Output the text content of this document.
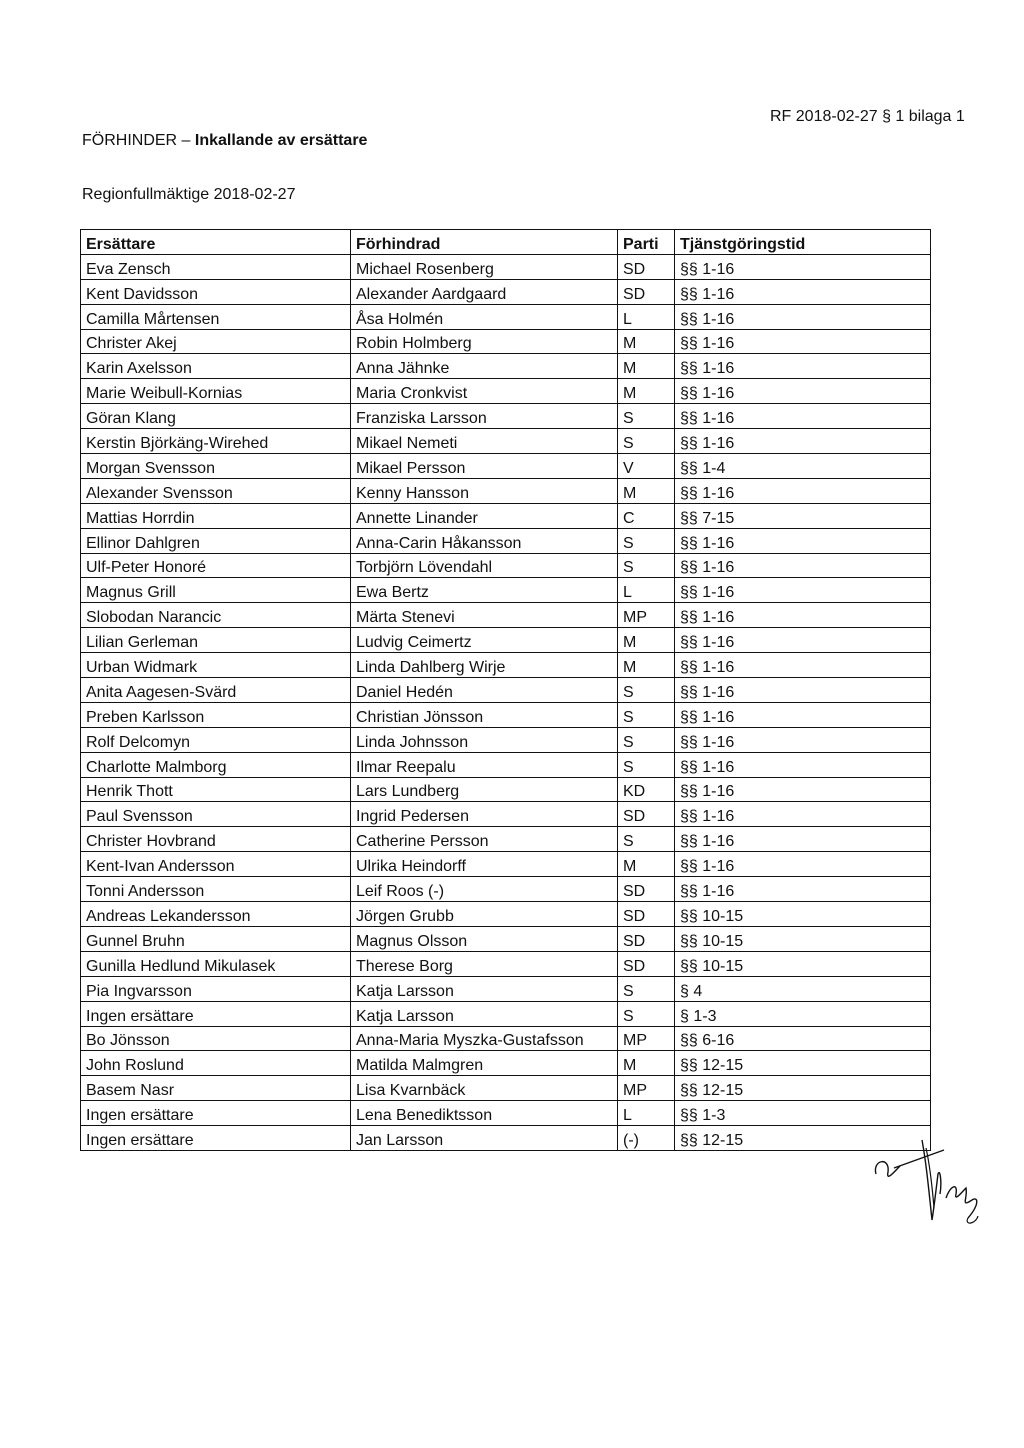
RF 2018-02-27 § 1 bilaga 1
FÖRHINDER – Inkallande av ersättare
Regionfullmäktige 2018-02-27
Ersättare	Förhindrad	Parti	Tjänstgöringstid
Eva Zensch	Michael Rosenberg	SD	§§ 1-16
Kent Davidsson	Alexander Aardgaard	SD	§§ 1-16
Camilla Mårtensen	Åsa Holmén	L	§§ 1-16
Christer Akej	Robin Holmberg	M	§§ 1-16
Karin Axelsson	Anna Jähnke	M	§§ 1-16
Marie Weibull-Kornias	Maria Cronkvist	M	§§ 1-16
Göran Klang	Franziska Larsson	S	§§ 1-16
Kerstin Björkäng-Wirehed	Mikael Nemeti	S	§§ 1-16
Morgan Svensson	Mikael Persson	V	§§ 1-4
Alexander Svensson	Kenny Hansson	M	§§ 1-16
Mattias Horrdin	Annette Linander	C	§§ 7-15
Ellinor Dahlgren	Anna-Carin Håkansson	S	§§ 1-16
Ulf-Peter Honoré	Torbjörn Lövendahl	S	§§ 1-16
Magnus Grill	Ewa Bertz	L	§§ 1-16
Slobodan Narancic	Märta Stenevi	MP	§§ 1-16
Lilian Gerleman	Ludvig Ceimertz	M	§§ 1-16
Urban Widmark	Linda Dahlberg Wirje	M	§§ 1-16
Anita Aagesen-Svärd	Daniel Hedén	S	§§ 1-16
Preben Karlsson	Christian Jönsson	S	§§ 1-16
Rolf Delcomyn	Linda Johnsson	S	§§ 1-16
Charlotte Malmborg	Ilmar Reepalu	S	§§ 1-16
Henrik Thott	Lars Lundberg	KD	§§ 1-16
Paul Svensson	Ingrid Pedersen	SD	§§ 1-16
Christer Hovbrand	Catherine Persson	S	§§ 1-16
Kent-Ivan Andersson	Ulrika Heindorff	M	§§ 1-16
Tonni Andersson	Leif Roos (-)	SD	§§ 1-16
Andreas Lekandersson	Jörgen Grubb	SD	§§ 10-15
Gunnel Bruhn	Magnus Olsson	SD	§§ 10-15
Gunilla Hedlund Mikulasek	Therese Borg	SD	§§ 10-15
Pia Ingvarsson	Katja Larsson	S	§ 4
Ingen ersättare	Katja Larsson	S	§ 1-3
Bo Jönsson	Anna-Maria Myszka-Gustafsson	MP	§§ 6-16
John Roslund	Matilda Malmgren	M	§§ 12-15
Basem Nasr	Lisa Kvarnbäck	MP	§§ 12-15
Ingen ersättare	Lena Benediktsson	L	§§ 1-3
Ingen ersättare	Jan Larsson	(-)	§§ 12-15
